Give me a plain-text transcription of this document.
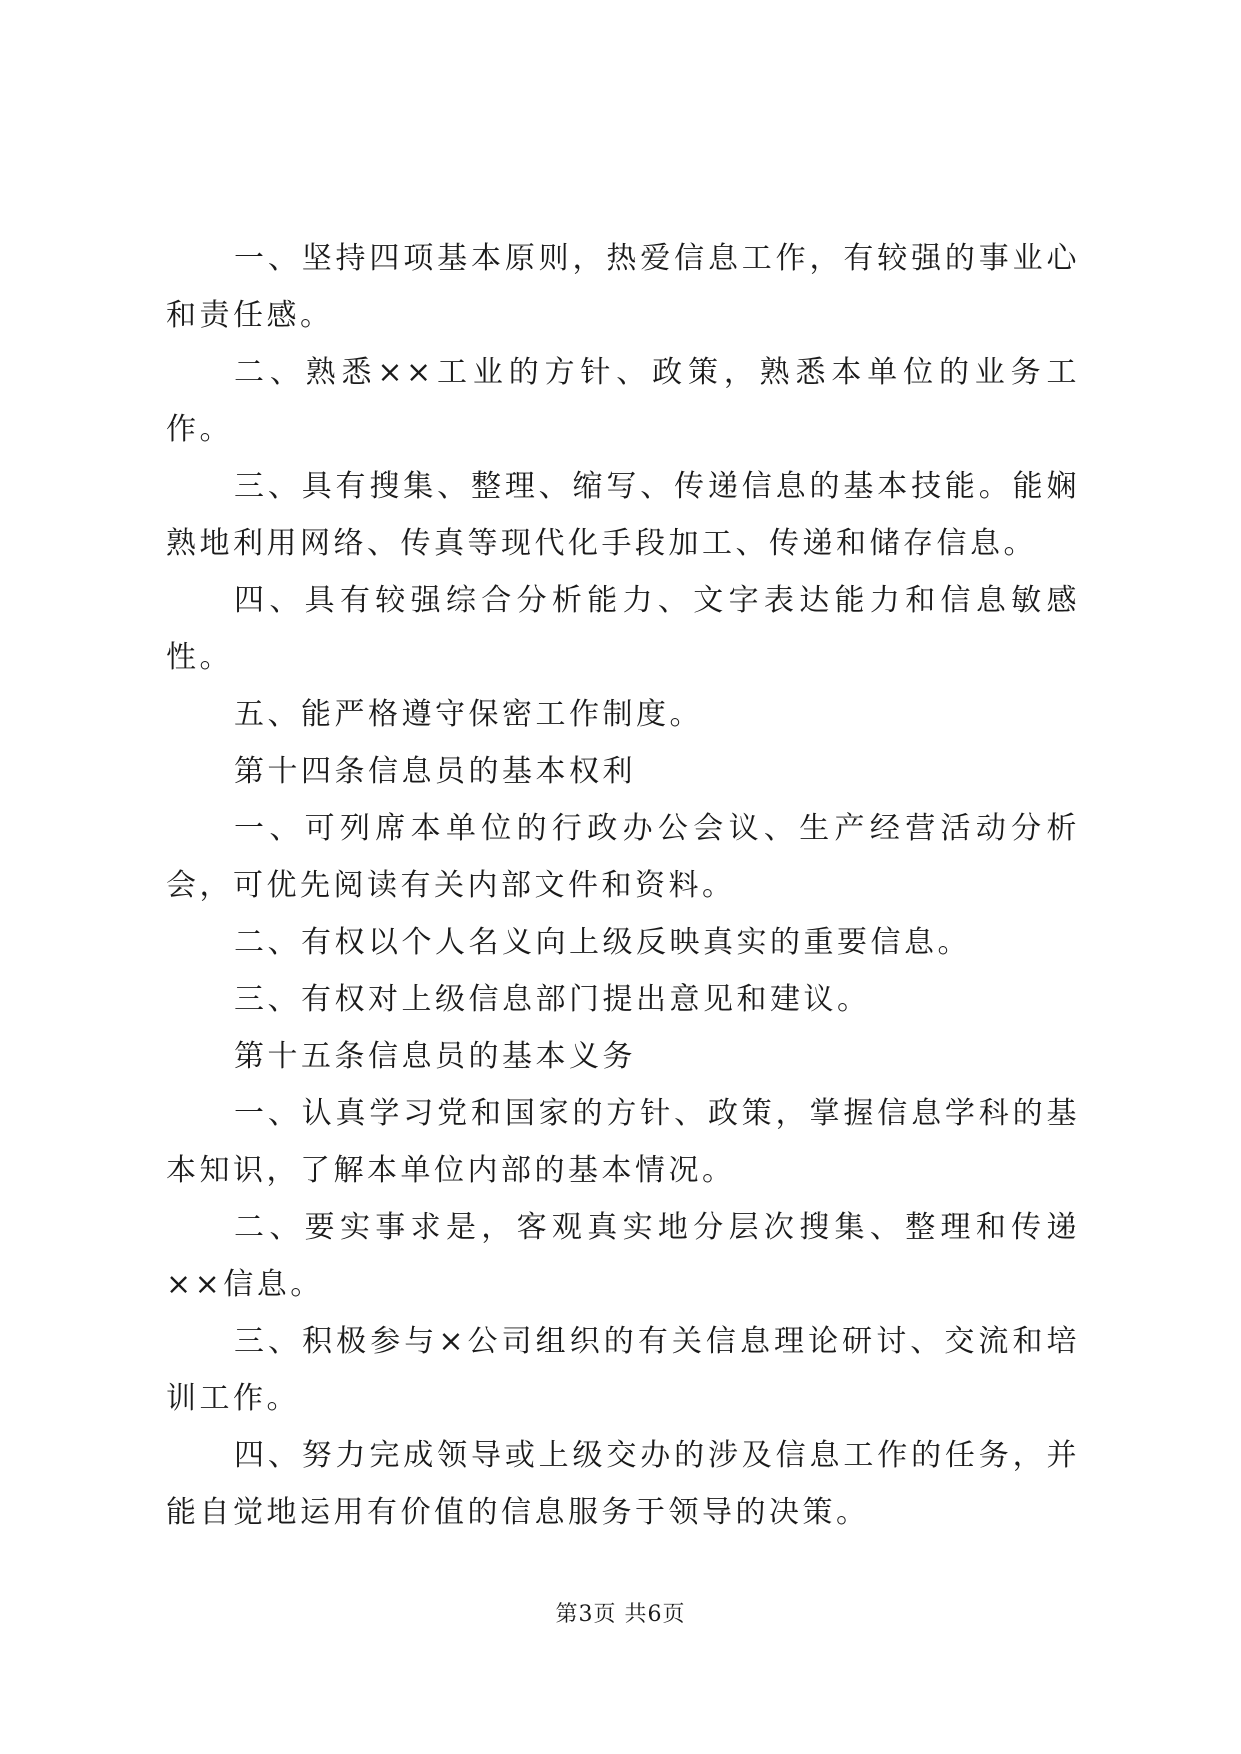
一、坚持四项基本原则，热爱信息工作，有较强的事业心和责任感。

二、熟悉××工业的方针、政策，熟悉本单位的业务工作。

三、具有搜集、整理、缩写、传递信息的基本技能。能娴熟地利用网络、传真等现代化手段加工、传递和储存信息。

四、具有较强综合分析能力、文字表达能力和信息敏感性。

五、能严格遵守保密工作制度。

第十四条信息员的基本权利

一、可列席本单位的行政办公会议、生产经营活动分析会，可优先阅读有关内部文件和资料。

二、有权以个人名义向上级反映真实的重要信息。

三、有权对上级信息部门提出意见和建议。

第十五条信息员的基本义务

一、认真学习党和国家的方针、政策，掌握信息学科的基本知识，了解本单位内部的基本情况。

二、要实事求是，客观真实地分层次搜集、整理和传递××信息。

三、积极参与×公司组织的有关信息理论研讨、交流和培训工作。

四、努力完成领导或上级交办的涉及信息工作的任务，并能自觉地运用有价值的信息服务于领导的决策。

第3页 共6页
